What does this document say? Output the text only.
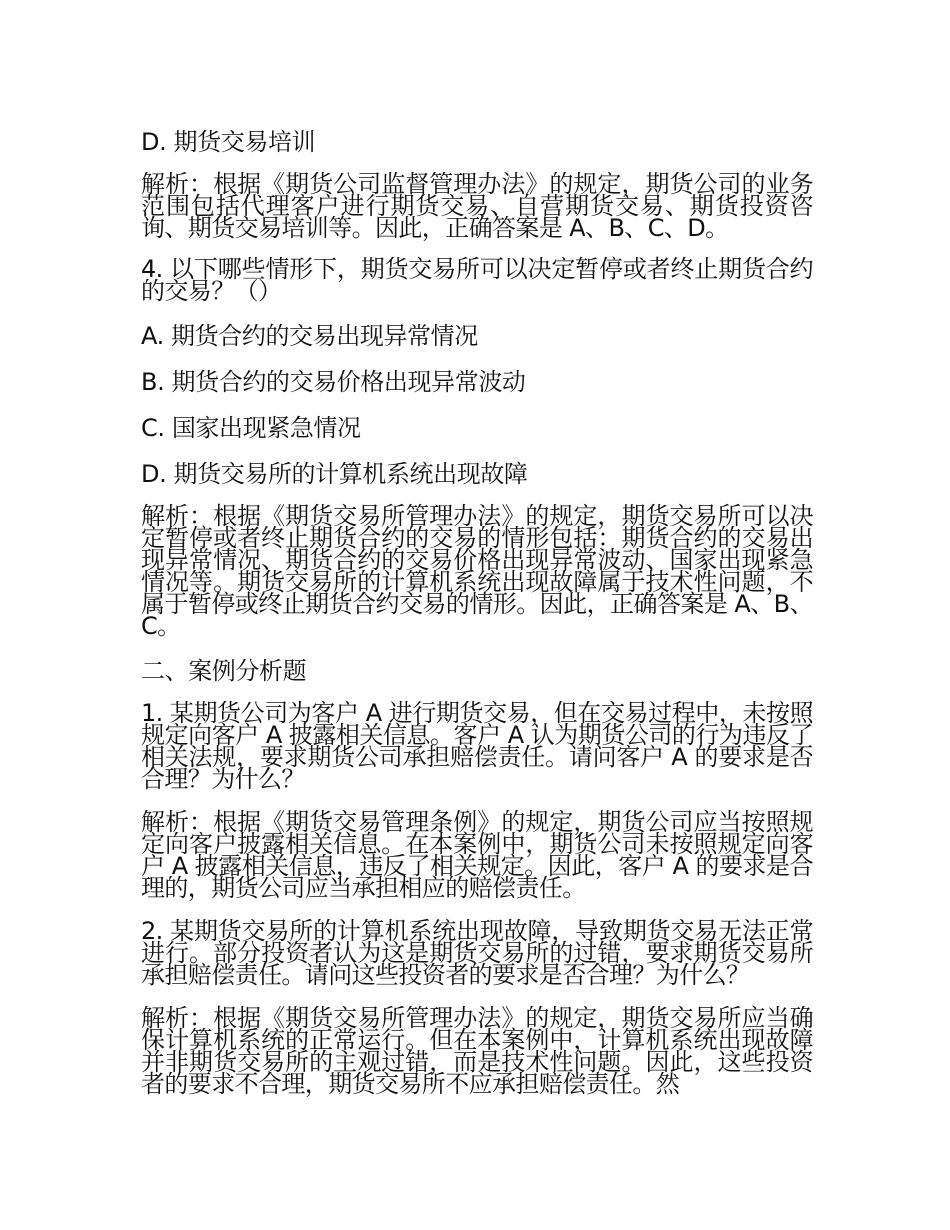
D. 期货交易培训

解析：根据《期货公司监督管理办法》的规定，期货公司的业务范围包括代理客户进行期货交易、自营期货交易、期货投资咨询、期货交易培训等。因此，正确答案是 A、B、C、D。

4. 以下哪些情形下，期货交易所可以决定暂停或者终止期货合约的交易？（）

A. 期货合约的交易出现异常情况

B. 期货合约的交易价格出现异常波动

C. 国家出现紧急情况

D. 期货交易所的计算机系统出现故障

解析：根据《期货交易所管理办法》的规定，期货交易所可以决定暂停或者终止期货合约的交易的情形包括：期货合约的交易出现异常情况、期货合约的交易价格出现异常波动、国家出现紧急情况等。期货交易所的计算机系统出现故障属于技术性问题，不属于暂停或终止期货合约交易的情形。因此，正确答案是 A、B、C。

二、案例分析题

1. 某期货公司为客户 A 进行期货交易，但在交易过程中，未按照规定向客户 A 披露相关信息。客户 A 认为期货公司的行为违反了相关法规，要求期货公司承担赔偿责任。请问客户 A 的要求是否合理？为什么？

解析：根据《期货交易管理条例》的规定，期货公司应当按照规定向客户披露相关信息。在本案例中，期货公司未按照规定向客户 A 披露相关信息，违反了相关规定。因此，客户 A 的要求是合理的，期货公司应当承担相应的赔偿责任。

2. 某期货交易所的计算机系统出现故障，导致期货交易无法正常进行。部分投资者认为这是期货交易所的过错，要求期货交易所承担赔偿责任。请问这些投资者的要求是否合理？为什么？

解析：根据《期货交易所管理办法》的规定，期货交易所应当确保计算机系统的正常运行。但在本案例中，计算机系统出现故障并非期货交易所的主观过错，而是技术性问题。因此，这些投资者的要求不合理，期货交易所不应承担赔偿责任。然
